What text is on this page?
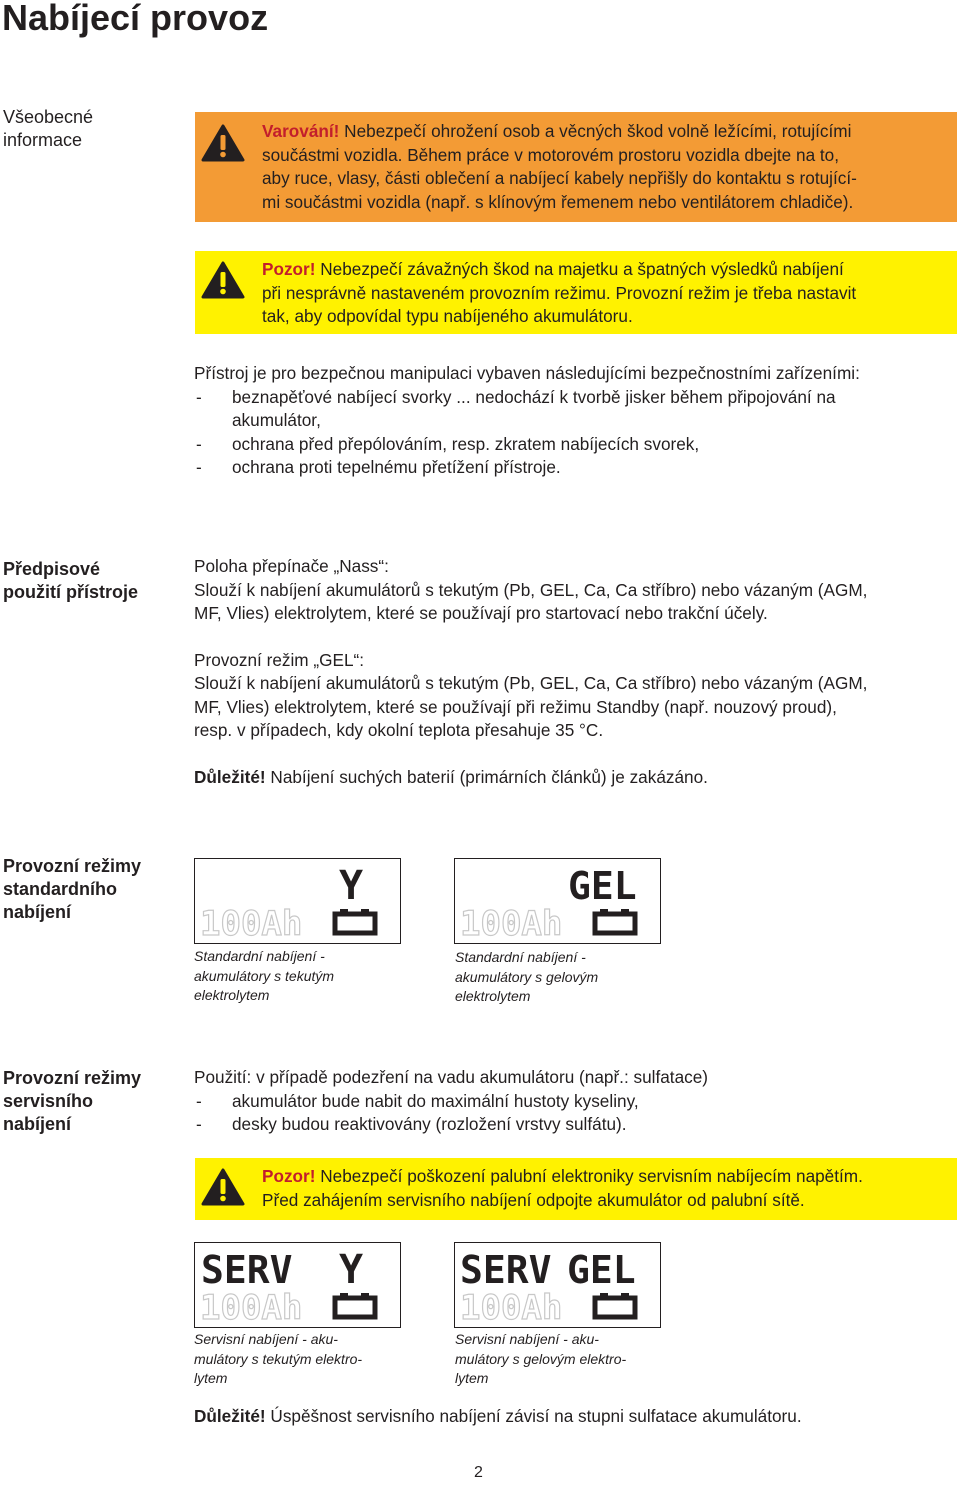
Nabíjecí provoz
Všeobecné
informace	Varování! Nebezpečí ohrožení osob a věcných škod volně ležícími, rotujícími
součástmi vozidla. Během práce v motorovém prostoru vozidla dbejte na to,
aby ruce, vlasy, části oblečení a nabíjecí kabely nepřišly do kontaktu s rotující-
mi součástmi vozidla (např. s klínovým řemenem nebo ventilátorem chladiče).
Pozor! Nebezpečí závažných škod na majetku a špatných výsledků nabíjení
při nesprávně nastaveném provozním režimu. Provozní režim je třeba nastavit
tak, aby odpovídal typu nabíjeného akumulátoru.
Přístroj je pro bezpečnou manipulaci vybaven následujícími bezpečnostními zařízeními:
- beznapěťové nabíjecí svorky ... nedochází k tvorbě jisker během připojování na
akumulátor,
- ochrana před přepólováním, resp. zkratem nabíjecích svorek,
- ochrana proti tepelnému přetížení přístroje.
Předpisové
použití přístroje
Poloha přepínače „Nass“:
Slouží k nabíjení akumulátorů s tekutým (Pb, GEL, Ca, Ca stříbro) nebo vázaným (AGM,
MF, Vlies) elektrolytem, které se používají pro startovací nebo trakční účely.
Provozní režim „GEL“:
Slouží k nabíjení akumulátorů s tekutým (Pb, GEL, Ca, Ca stříbro) nebo vázaným (AGM,
MF, Vlies) elektrolytem, které se používají při režimu Standby (např. nouzový proud),
resp. v případech, kdy okolní teplota přesahuje 35 °C.
Důležité! Nabíjení suchých baterií (primárních článků) je zakázáno.
Provozní režimy
standardního
nabíjení
Y
100Ah
Standardní nabíjení -
akumulátory s tekutým
elektrolytem
GEL
100Ah
Standardní nabíjení -
akumulátory s gelovým
elektrolytem
Provozní režimy
servisního
nabíjení
Použití: v případě podezření na vadu akumulátoru (např.: sulfatace)
- akumulátor bude nabit do maximální hustoty kyseliny,
- desky budou reaktivovány (rozložení vrstvy sulfátu).
Pozor! Nebezpečí poškození palubní elektroniky servisním nabíjecím napětím.
Před zahájením servisního nabíjení odpojte akumulátor od palubní sítě.
SERV Y
100Ah
Servisní nabíjení - aku-
mulátory s tekutým elektro-
lytem
SERV GEL
100Ah
Servisní nabíjení - aku-
mulátory s gelovým elektro-
lytem
Důležité! Úspěšnost servisního nabíjení závisí na stupni sulfatace akumulátoru.
2
